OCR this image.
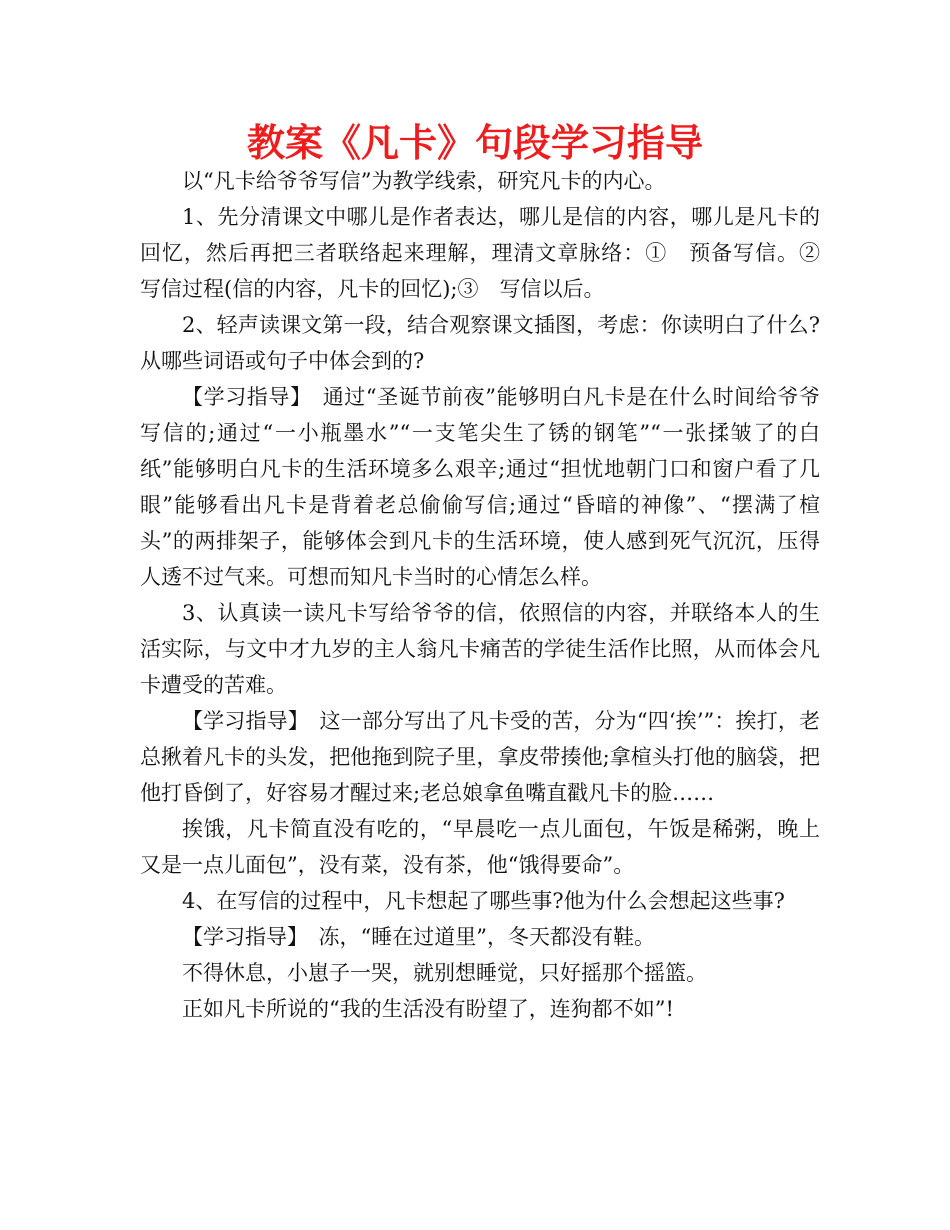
教案《凡卡》句段学习指导

以“凡卡给爷爷写信”为教学线索，研究凡卡的内心。

1、先分清课文中哪儿是作者表达，哪儿是信的内容，哪儿是凡卡的回忆，然后再把三者联络起来理解，理清文章脉络：①　预备写信。②　写信过程(信的内容，凡卡的回忆);③　写信以后。

2、轻声读课文第一段，结合观察课文插图，考虑：你读明白了什么?从哪些词语或句子中体会到的?

【学习指导】　通过“圣诞节前夜”能够明白凡卡是在什么时间给爷爷写信的;通过“一小瓶墨水”“一支笔尖生了锈的钢笔”“一张揉皱了的白纸”能够明白凡卡的生活环境多么艰辛;通过“担忧地朝门口和窗户看了几眼”能够看出凡卡是背着老总偷偷写信;通过“昏暗的神像”、“摆满了楦头”的两排架子，能够体会到凡卡的生活环境，使人感到死气沉沉，压得人透不过气来。可想而知凡卡当时的心情怎么样。

3、认真读一读凡卡写给爷爷的信，依照信的内容，并联络本人的生活实际，与文中才九岁的主人翁凡卡痛苦的学徒生活作比照，从而体会凡卡遭受的苦难。

【学习指导】　这一部分写出了凡卡受的苦，分为“四‘挨’”：挨打，老总揪着凡卡的头发，把他拖到院子里，拿皮带揍他;拿楦头打他的脑袋，把他打昏倒了，好容易才醒过来;老总娘拿鱼嘴直戳凡卡的脸……

挨饿，凡卡简直没有吃的，“早晨吃一点儿面包，午饭是稀粥，晚上又是一点儿面包”，没有菜，没有茶，他“饿得要命”。

4、在写信的过程中，凡卡想起了哪些事?他为什么会想起这些事?

【学习指导】　冻，“睡在过道里”，冬天都没有鞋。

不得休息，小崽子一哭，就别想睡觉，只好摇那个摇篮。

正如凡卡所说的“我的生活没有盼望了，连狗都不如”!
